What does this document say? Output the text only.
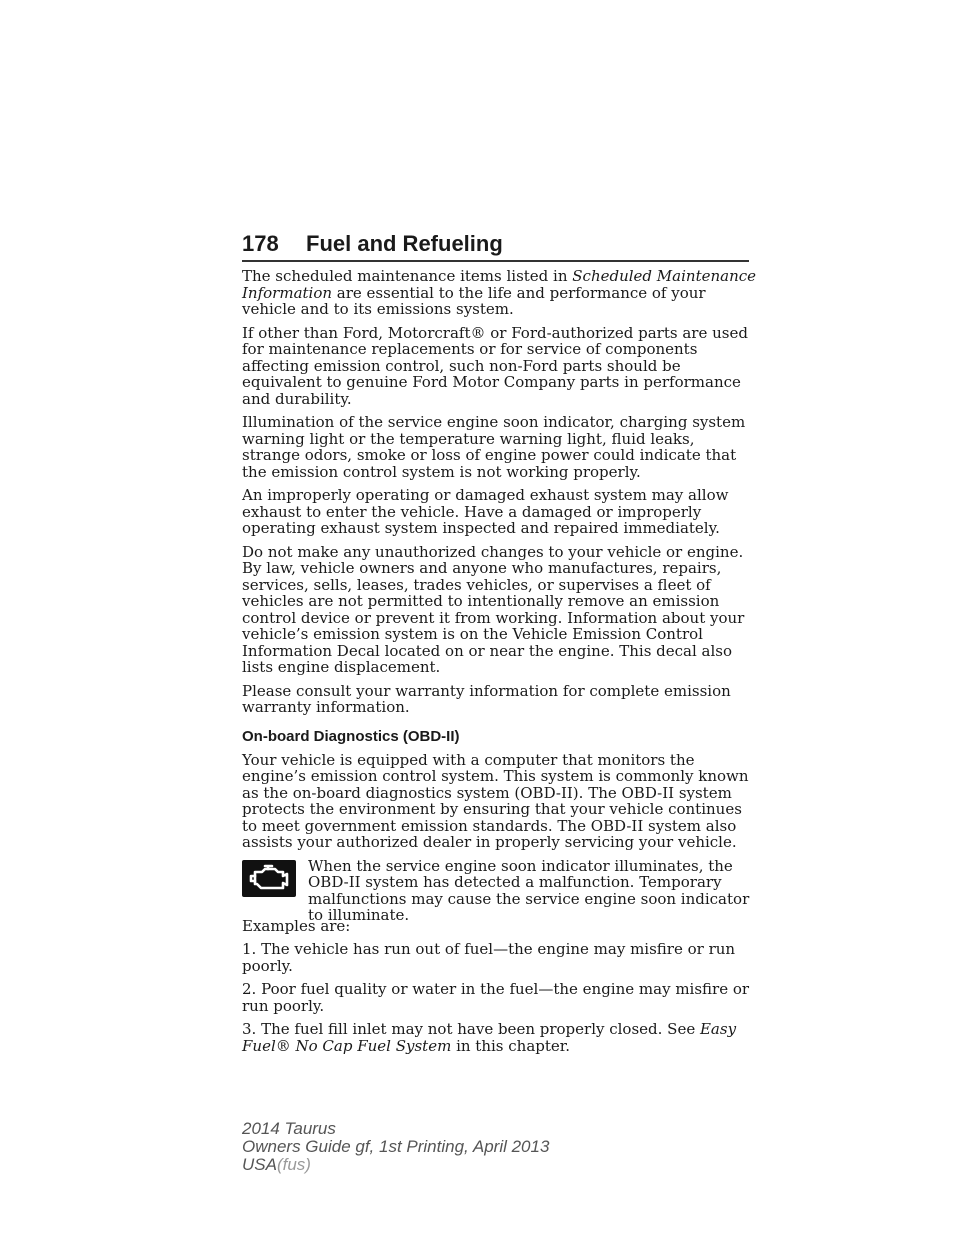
178 Fuel and Refueling

The scheduled maintenance items listed in Scheduled Maintenance Information are essential to the life and performance of your vehicle and to its emissions system.

If other than Ford, Motorcraft® or Ford-authorized parts are used for maintenance replacements or for service of components affecting emission control, such non-Ford parts should be equivalent to genuine Ford Motor Company parts in performance and durability.

Illumination of the service engine soon indicator, charging system warning light or the temperature warning light, fluid leaks, strange odors, smoke or loss of engine power could indicate that the emission control system is not working properly.

An improperly operating or damaged exhaust system may allow exhaust to enter the vehicle. Have a damaged or improperly operating exhaust system inspected and repaired immediately.

Do not make any unauthorized changes to your vehicle or engine. By law, vehicle owners and anyone who manufactures, repairs, services, sells, leases, trades vehicles, or supervises a fleet of vehicles are not permitted to intentionally remove an emission control device or prevent it from working. Information about your vehicle’s emission system is on the Vehicle Emission Control Information Decal located on or near the engine. This decal also lists engine displacement.

Please consult your warranty information for complete emission warranty information.

On-board Diagnostics (OBD-II)

Your vehicle is equipped with a computer that monitors the engine’s emission control system. This system is commonly known as the on-board diagnostics system (OBD-II). The OBD-II system protects the environment by ensuring that your vehicle continues to meet government emission standards. The OBD-II system also assists your authorized dealer in properly servicing your vehicle.

When the service engine soon indicator illuminates, the OBD-II system has detected a malfunction. Temporary malfunctions may cause the service engine soon indicator to illuminate.

Examples are:

1. The vehicle has run out of fuel—the engine may misfire or run poorly.

2. Poor fuel quality or water in the fuel—the engine may misfire or run poorly.

3. The fuel fill inlet may not have been properly closed. See Easy Fuel® No Cap Fuel System in this chapter.

2014 Taurus
Owners Guide gf, 1st Printing, April 2013
USA(fus)
